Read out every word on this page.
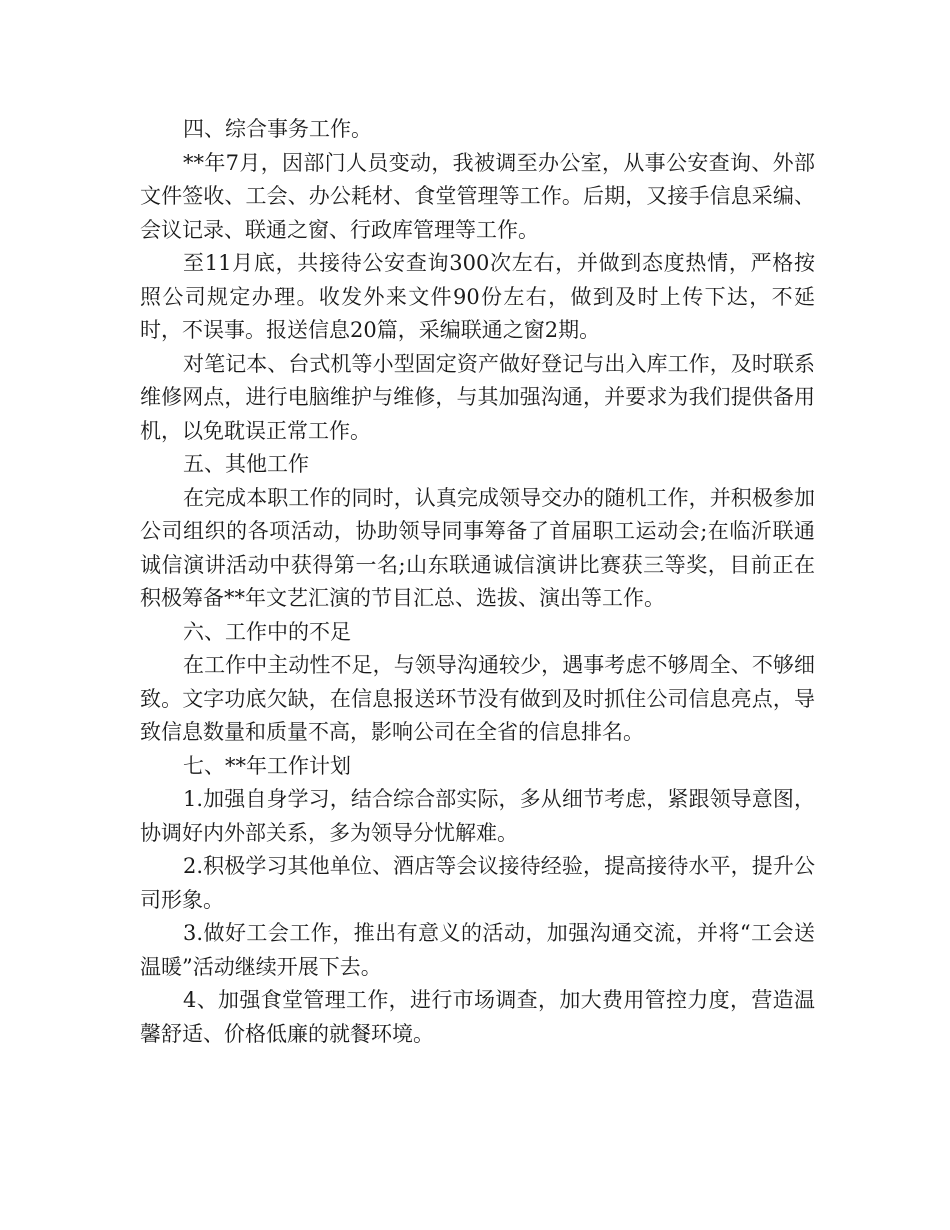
四、综合事务工作。

**年7月，因部门人员变动，我被调至办公室，从事公安查询、外部文件签收、工会、办公耗材、食堂管理等工作。后期，又接手信息采编、会议记录、联通之窗、行政库管理等工作。

至11月底，共接待公安查询300次左右，并做到态度热情，严格按照公司规定办理。收发外来文件90份左右，做到及时上传下达，不延时，不误事。报送信息20篇，采编联通之窗2期。

对笔记本、台式机等小型固定资产做好登记与出入库工作，及时联系维修网点，进行电脑维护与维修，与其加强沟通，并要求为我们提供备用机，以免耽误正常工作。

五、其他工作

在完成本职工作的同时，认真完成领导交办的随机工作，并积极参加公司组织的各项活动，协助领导同事筹备了首届职工运动会;在临沂联通诚信演讲活动中获得第一名;山东联通诚信演讲比赛获三等奖，目前正在积极筹备**年文艺汇演的节目汇总、选拔、演出等工作。

六、工作中的不足

在工作中主动性不足，与领导沟通较少，遇事考虑不够周全、不够细致。文字功底欠缺，在信息报送环节没有做到及时抓住公司信息亮点，导致信息数量和质量不高，影响公司在全省的信息排名。

七、**年工作计划

1.加强自身学习，结合综合部实际，多从细节考虑，紧跟领导意图，协调好内外部关系，多为领导分忧解难。

2.积极学习其他单位、酒店等会议接待经验，提高接待水平，提升公司形象。

3.做好工会工作，推出有意义的活动，加强沟通交流，并将“工会送温暖”活动继续开展下去。

4、加强食堂管理工作，进行市场调查，加大费用管控力度，营造温馨舒适、价格低廉的就餐环境。
